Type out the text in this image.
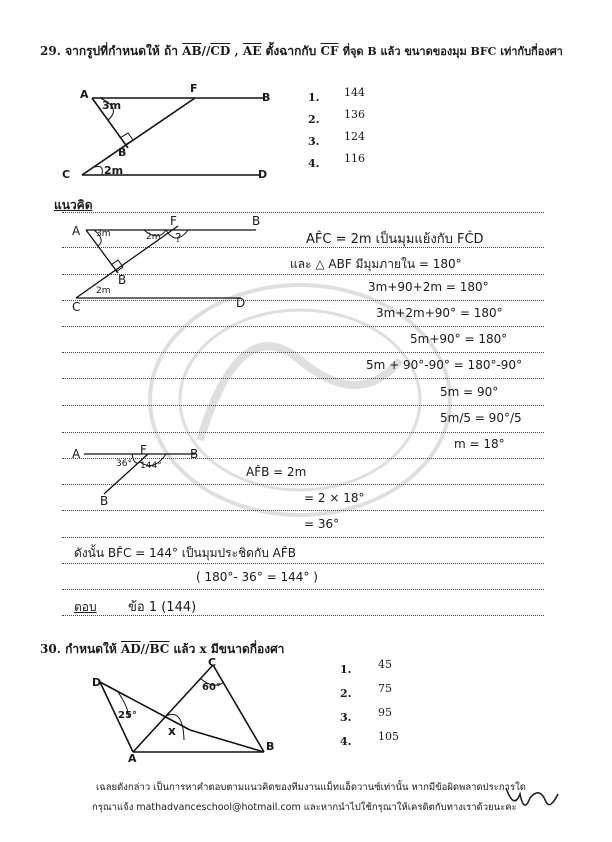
29. จากรูปที่กำหนดให้ ถ้า $\overline{AB}//\overline{CD}$ , $\overline{AE}$ ตั้งฉากกับ $\overline{CF}$ ที่จุด B แล้ว ขนาดของมุม BFC เท่ากับกี่องศา
A	F
B
3m
B
C	2m	D
1. 144
2. 136
3. 124
4. 116
แนวคิด
A
F	B
3m	2m ?
B
2m
C	D
AF̂C = 2m เป็นมุมแย้งกับ FĈD
และ △ ABF มีมุมภายใน = 180°
3m+90+2m = 180°
3m+2m+90° = 180°
5m+90° = 180°
5m + 90°-90° = 180°-90°
5m = 90°
5m/5 = 90°/5
m = 18°
A	F	B
36° 144°
B
AF̂B = 2m
= 2 × 18°
= 36°
ดังนั้น BF̂C = 144° เป็นมุมประชิดกับ AF̂B
( 180°- 36° = 144° )
ตอบ ข้อ 1 (144)
30. กำหนดให้ $\overline{AD}//\overline{BC}$ แล้ว x มีขนาดกี่องศา
D
C
60°
25°
x
A
B
1. 45
2. 75
3. 95
4. 105
เฉลยดังกล่าว เป็นการหาคำตอบตามแนวคิดของทีมงานแม็ทแอ็ดวานซ์เท่านั้น หากมีข้อผิดพลาดประการใด
กรุณาแจ้ง mathadvanceschool@hotmail.com และหากนำไปใช้กรุณาให้เครดิตกับทางเราด้วยนะคะ
